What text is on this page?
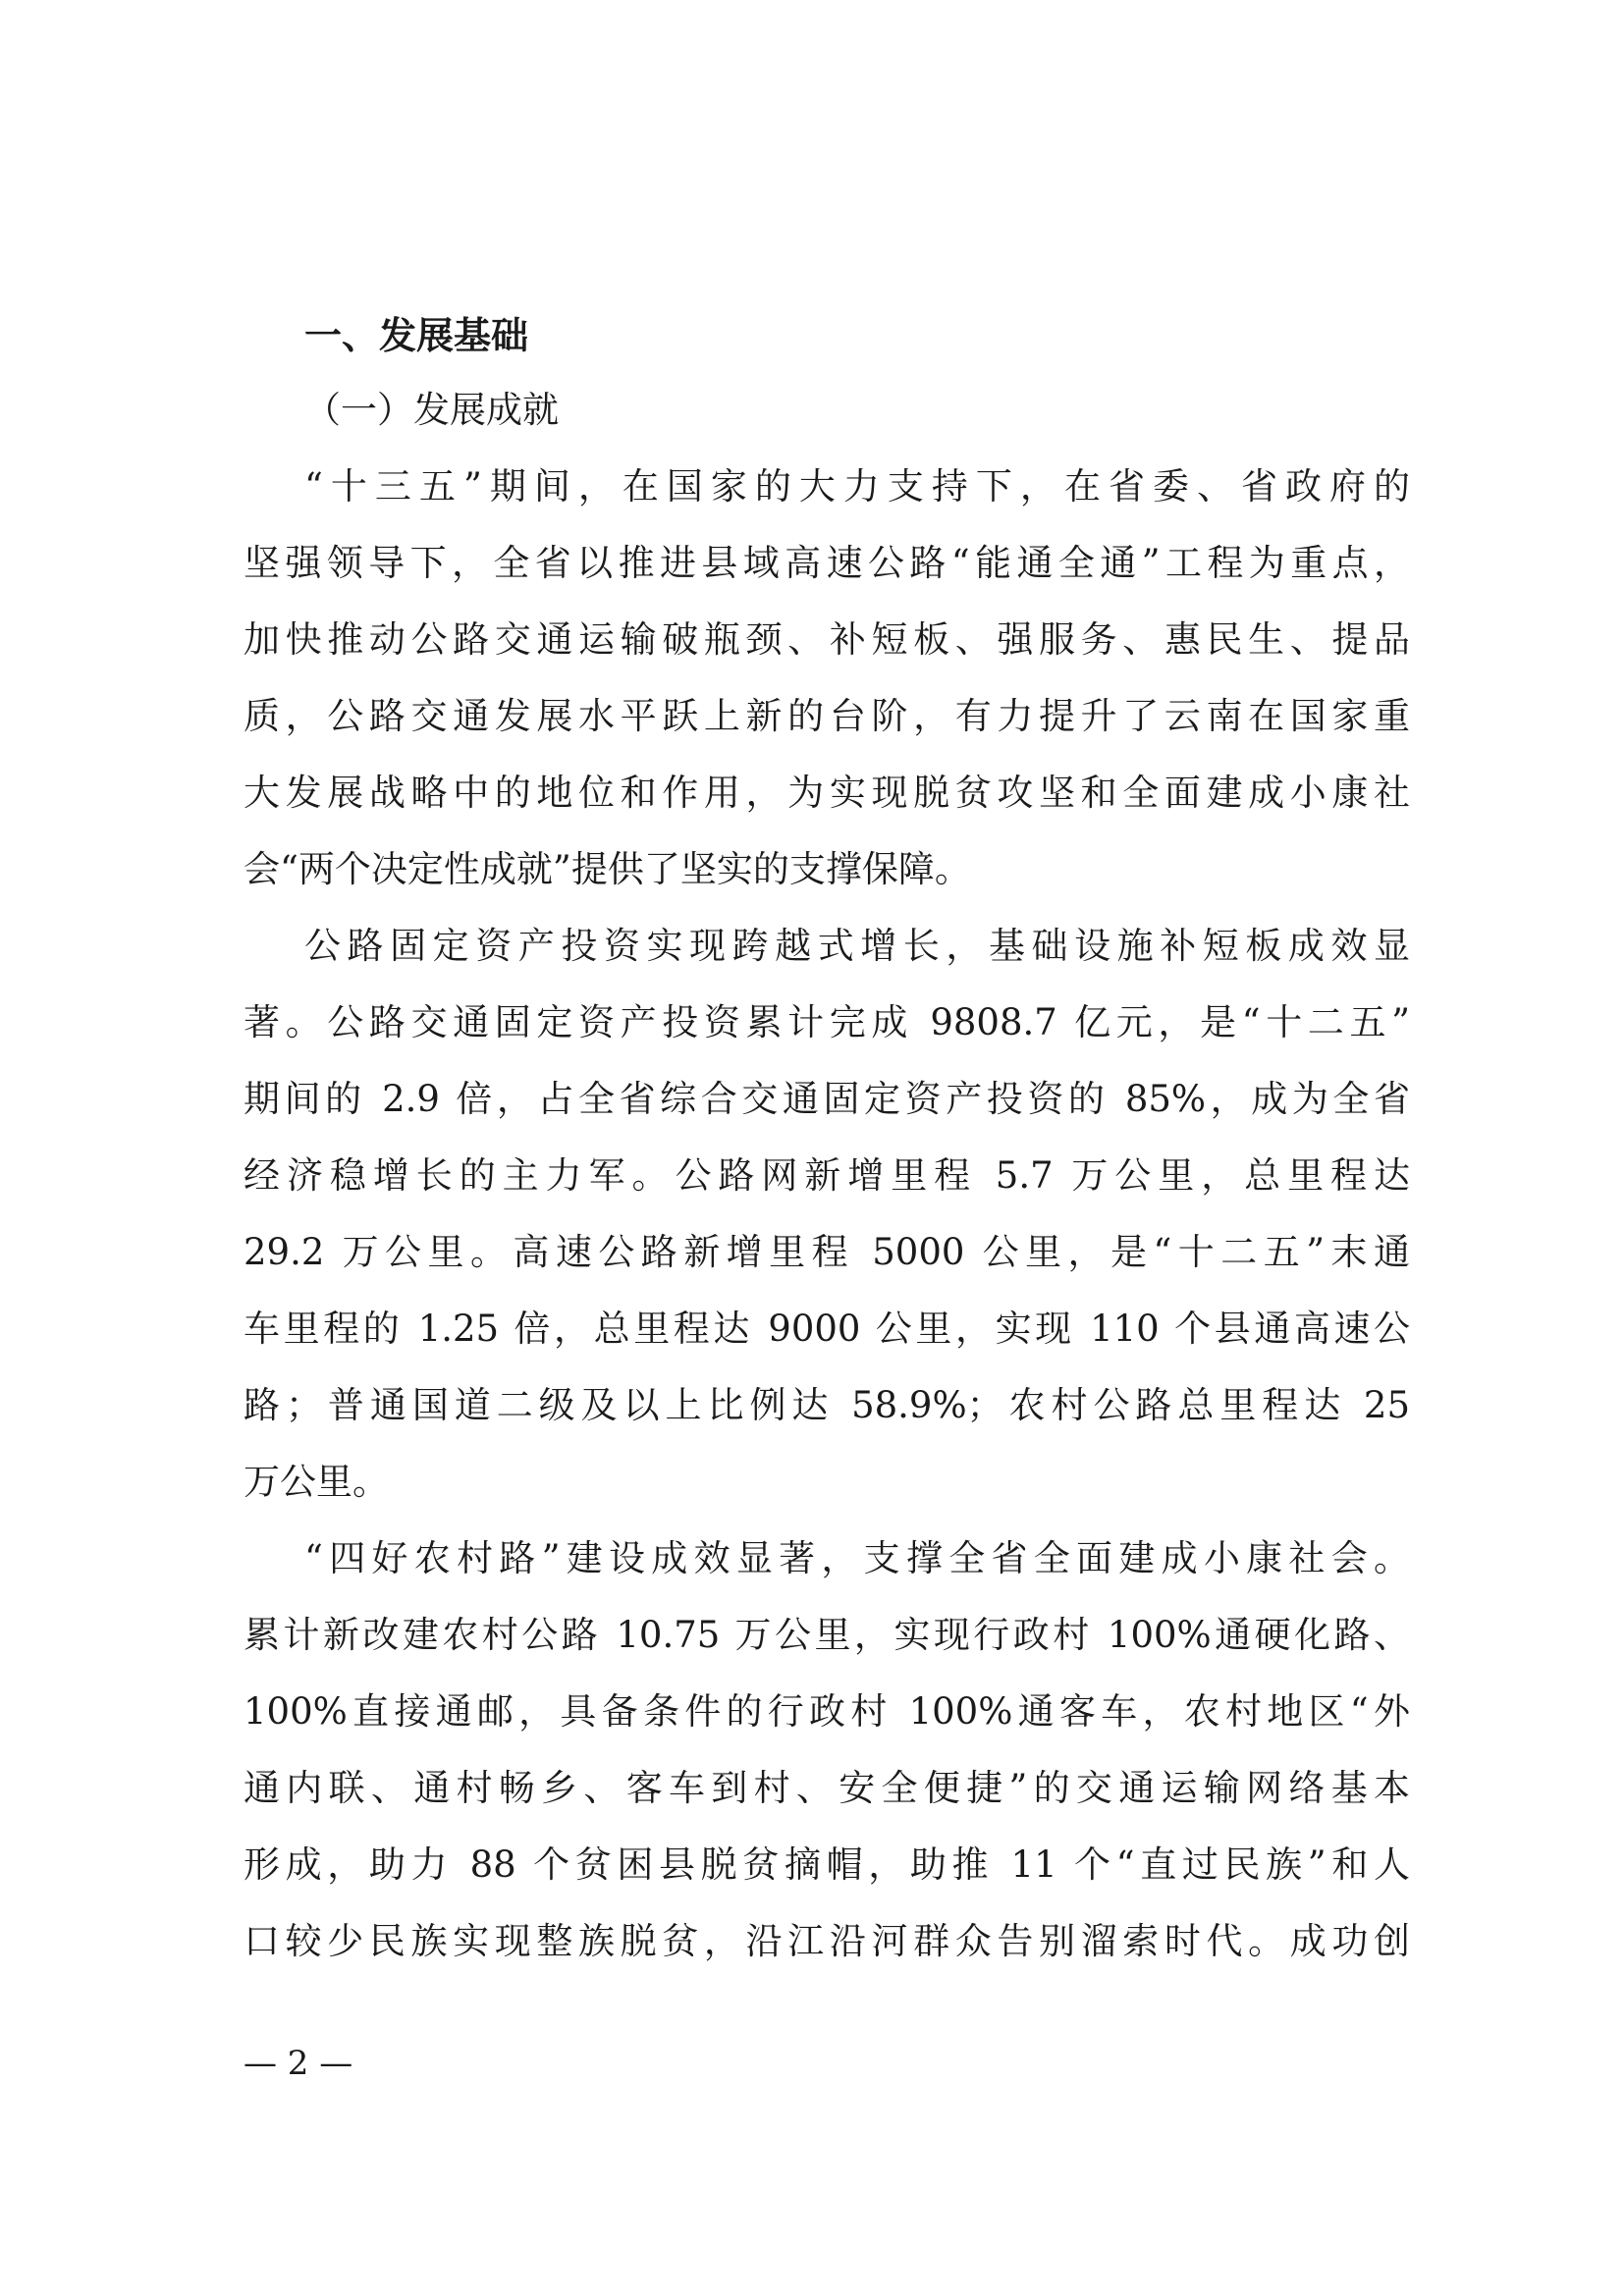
一、发展基础
（一）发展成就
“十三五”期间，在国家的大力支持下，在省委、省政府的
坚强领导下，全省以推进县域高速公路“能通全通”工程为重点，
加快推动公路交通运输破瓶颈、补短板、强服务、惠民生、提品
质，公路交通发展水平跃上新的台阶，有力提升了云南在国家重
大发展战略中的地位和作用，为实现脱贫攻坚和全面建成小康社
会“两个决定性成就”提供了坚实的支撑保障。
公路固定资产投资实现跨越式增长，基础设施补短板成效显
著。公路交通固定资产投资累计完成 9808.7 亿元，是“十二五”
期间的 2.9 倍，占全省综合交通固定资产投资的 85%，成为全省
经济稳增长的主力军。公路网新增里程 5.7 万公里，总里程达
29.2 万公里。高速公路新增里程 5000 公里，是“十二五”末通
车里程的 1.25 倍，总里程达 9000 公里，实现 110 个县通高速公
路；普通国道二级及以上比例达 58.9%；农村公路总里程达 25
万公里。
“四好农村路”建设成效显著，支撑全省全面建成小康社会。
累计新改建农村公路 10.75 万公里，实现行政村 100%通硬化路、
100%直接通邮，具备条件的行政村 100%通客车，农村地区“外
通内联、通村畅乡、客车到村、安全便捷”的交通运输网络基本
形成，助力 88 个贫困县脱贫摘帽，助推 11 个“直过民族”和人
口较少民族实现整族脱贫，沿江沿河群众告别溜索时代。成功创
— 2 —
